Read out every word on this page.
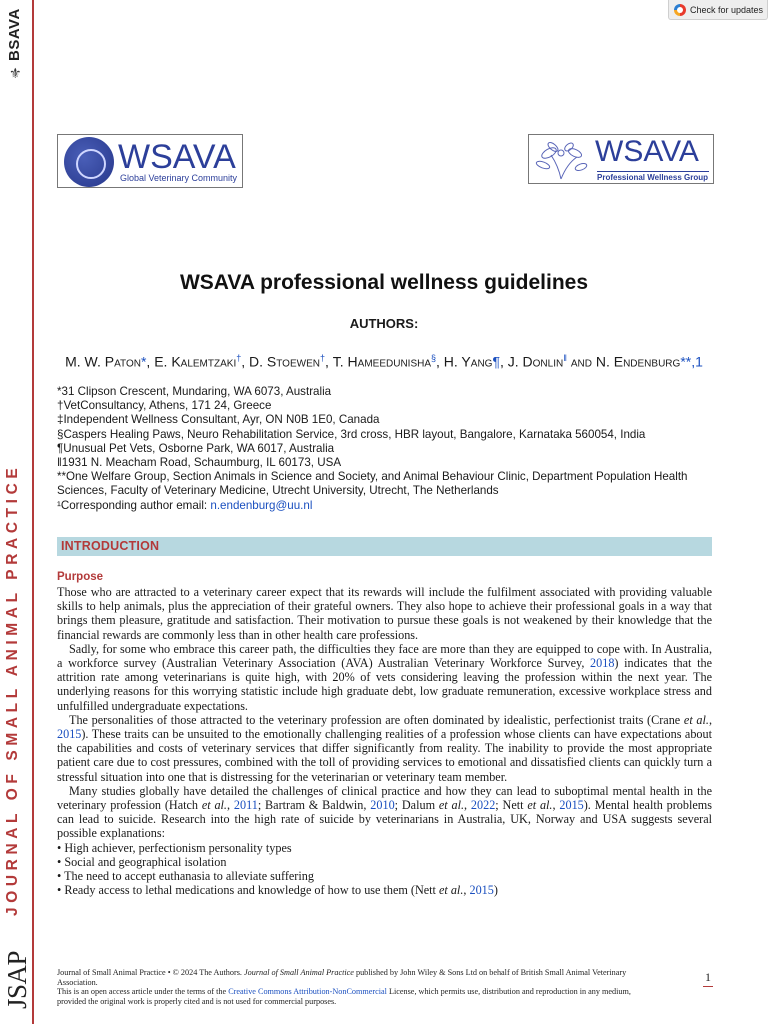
BSAVA
⚜
JOURNAL OF SMALL ANIMAL PRACTICE
JSAP
Check for updates
WSAVA
Global Veterinary Community
WSAVA
Professional Wellness Group
WSAVA professional wellness guidelines
AUTHORS:
M. W. Paton*, E. Kalemtzaki†, D. Stoewen†, T. Hameedunisha§, H. Yang¶, J. Donlin‖ and N. Endenburg**,1
*31 Clipson Crescent, Mundaring, WA 6073, Australia
†VetConsultancy, Athens, 171 24, Greece
‡Independent Wellness Consultant, Ayr, ON N0B 1E0, Canada
§Caspers Healing Paws, Neuro Rehabilitation Service, 3rd cross, HBR layout, Bangalore, Karnataka 560054, India
¶Unusual Pet Vets, Osborne Park, WA 6017, Australia
‖1931 N. Meacham Road, Schaumburg, IL 60173, USA
**One Welfare Group, Section Animals in Science and Society, and Animal Behaviour Clinic, Department Population Health Sciences, Faculty of Veterinary Medicine, Utrecht University, Utrecht, The Netherlands
¹Corresponding author email: n.endenburg@uu.nl
INTRODUCTION
Purpose

Those who are attracted to a veterinary career expect that its rewards will include the fulfilment associated with providing valuable skills to help animals, plus the appreciation of their grateful owners. They also hope to achieve their professional goals in a way that brings them pleasure, gratitude and satisfaction. Their motivation to pursue these goals is not weakened by their knowledge that the financial rewards are commonly less than in other health care professions.

Sadly, for some who embrace this career path, the difficulties they face are more than they are equipped to cope with. In Australia, a workforce survey (Australian Veterinary Association (AVA) Australian Veterinary Workforce Survey, 2018) indicates that the attrition rate among veterinarians is quite high, with 20% of vets considering leaving the profession within the next year. The underlying reasons for this worrying statistic include high graduate debt, low graduate remuneration, excessive workplace stress and unfulfilled undergraduate expectations.

The personalities of those attracted to the veterinary profession are often dominated by idealistic, perfectionist traits (Crane et al., 2015). These traits can be unsuited to the emotionally challenging realities of a profession whose clients can have expectations about the capabilities and costs of veterinary services that differ significantly from reality. The inability to provide the most appropriate patient care due to cost pressures, combined with the toll of providing services to emotional and dissatisfied clients can quickly turn a stressful situation into one that is distressing for the veterinarian or veterinary team member.

Many studies globally have detailed the challenges of clinical practice and how they can lead to suboptimal mental health in the veterinary profession (Hatch et al., 2011; Bartram & Baldwin, 2010; Dalum et al., 2022; Nett et al., 2015). Mental health problems can lead to suicide. Research into the high rate of suicide by veterinarians in Australia, UK, Norway and USA suggests several possible explanations:

• High achiever, perfectionism personality types
• Social and geographical isolation
• The need to accept euthanasia to alleviate suffering
• Ready access to lethal medications and knowledge of how to use them (Nett et al., 2015)
Journal of Small Animal Practice • © 2024 The Authors. Journal of Small Animal Practice published by John Wiley & Sons Ltd on behalf of British Small Animal Veterinary Association.
This is an open access article under the terms of the Creative Commons Attribution-NonCommercial License, which permits use, distribution and reproduction in any medium, provided the original work is properly cited and is not used for commercial purposes.
1
